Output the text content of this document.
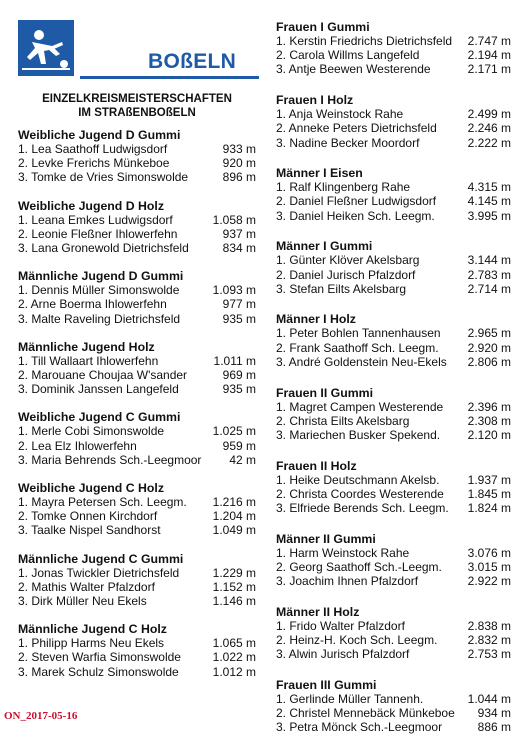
BOßELN
EINZELKREISMEISTERSCHAFTEN
IM STRAßENBOßELN
Weibliche Jugend D Gummi
1. Lea Saathoff Ludwigsdorf	933 m
2. Levke Frerichs Münkeboe	920 m
3. Tomke de Vries Simonswolde	896 m
Weibliche Jugend D Holz
1. Leana Emkes Ludwigsdorf	1.058 m
2. Leonie Fleßner Ihlowerfehn	937 m
3. Lana Gronewold Dietrichsfeld	834 m
Männliche Jugend D Gummi
1. Dennis Müller Simonswolde	1.093 m
2. Arne Boerma Ihlowerfehn	977 m
3. Malte Raveling Dietrichsfeld	935 m
Männliche Jugend Holz
1. Till Wallaart Ihlowerfehn	1.011 m
2. Marouane Choujaa W'sander	969 m
3. Dominik Janssen Langefeld	935 m
Weibliche Jugend C Gummi
1. Merle Cobi Simonswolde	1.025 m
2. Lea Elz Ihlowerfehn	959 m
3. Maria Behrends Sch.-Leegmoor	42 m
Weibliche Jugend C Holz
1. Mayra Petersen Sch. Leegm.	1.216 m
2. Tomke Onnen Kirchdorf	1.204 m
3. Taalke Nispel Sandhorst	1.049 m
Männliche Jugend C Gummi
1. Jonas Twickler Dietrichsfeld	1.229 m
2. Mathis Walter Pfalzdorf	1.152 m
3. Dirk Müller Neu Ekels	1.146 m
Männliche Jugend C Holz
1. Philipp Harms Neu Ekels	1.065 m
2. Steven Warfia Simonswolde	1.022 m
3. Marek Schulz Simonswolde	1.012 m
Frauen I Gummi
1. Kerstin Friedrichs Dietrichsfeld	2.747 m
2. Carola Willms Langefeld	2.194 m
3. Antje Beewen Westerende	2.171 m
Frauen I Holz
1. Anja Weinstock Rahe	2.499 m
2. Anneke Peters Dietrichsfeld	2.246 m
3. Nadine Becker Moordorf	2.222 m
Männer I Eisen
1. Ralf Klingenberg Rahe	4.315 m
2. Daniel Fleßner Ludwigsdorf	4.145 m
3. Daniel Heiken Sch. Leegm.	3.995 m
Männer I Gummi
1. Günter Klöver Akelsbarg	3.144 m
2. Daniel Jurisch Pfalzdorf	2.783 m
3. Stefan Eilts Akelsbarg	2.714 m
Männer I Holz
1. Peter Bohlen Tannenhausen	2.965 m
2. Frank Saathoff Sch. Leegm.	2.920 m
3. André Goldenstein Neu-Ekels	2.806 m
Frauen II Gummi
1. Magret Campen Westerende	2.396 m
2. Christa Eilts Akelsbarg	2.308 m
3. Mariechen Busker Spekend.	2.120 m
Frauen II Holz
1. Heike Deutschmann Akelsb.	1.937 m
2. Christa Coordes Westerende	1.845 m
3. Elfriede Berends Sch. Leegm.	1.824 m
Männer II Gummi
1. Harm Weinstock Rahe	3.076 m
2. Georg Saathoff Sch.-Leegm.	3.015 m
3. Joachim Ihnen Pfalzdorf	2.922 m
Männer II Holz
1. Frido Walter Pfalzdorf	2.838 m
2. Heinz-H. Koch Sch. Leegm.	2.832 m
3. Alwin Jurisch Pfalzdorf	2.753 m
Frauen III Gummi
1. Gerlinde Müller Tannenh.	1.044 m
2. Christel Mennebäck Münkeboe	934 m
3. Petra Mönck Sch.-Leegmoor	886 m
ON_2017-05-16
